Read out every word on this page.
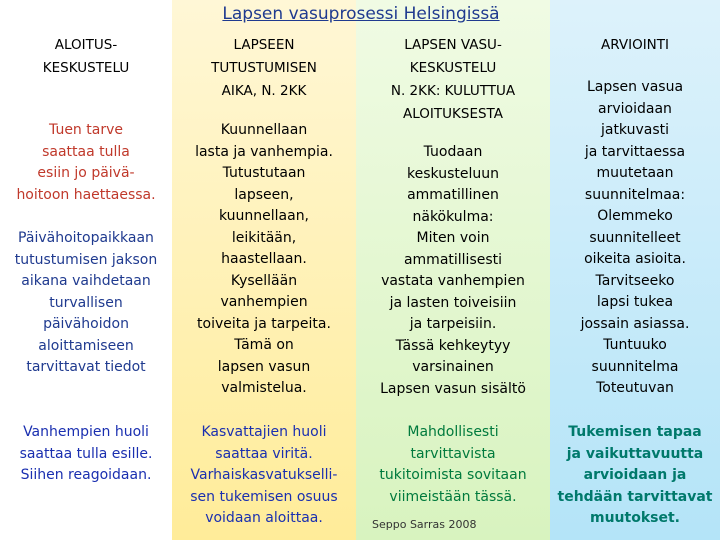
Lapsen vasuprosessi Helsingissä
ALOITUS-
KESKUSTELU
LAPSEEN
TUTUSTUMISEN
AIKA, N. 2KK
LAPSEN VASU-
KESKUSTELU
N. 2KK: KULUTTUA
ALOITUKSESTA
ARVIOINTI
Tuen tarve
saattaa tulla
esiin jo päivä-
hoitoon haettaessa.
Päivähoitopaikkaan
tutustumisen jakson
aikana vaihdetaan
turvallisen
päivähoidon
aloittamiseen
tarvittavat tiedot
Vanhempien huoli
saattaa tulla esille.
Siihen reagoidaan.
Kuunnellaan
lasta ja vanhempia.
Tutustutaan
lapseen,
kuunnellaan,
leikitään,
haastellaan.
Kysellään
vanhempien
toiveita ja tarpeita.
Tämä on
lapsen vasun
valmistelua.
Kasvattajien huoli
saattaa viritä.
Varhaiskasvatukselli-
sen tukemisen osuus
voidaan aloittaa.
Tuodaan
keskusteluun
ammatillinen
näkökulma:
Miten voin
ammatillisesti
vastata vanhempien
ja lasten toiveisiin
ja tarpeisiin.
Tässä kehkeytyy
varsinainen
Lapsen vasun sisältö
Mahdollisesti
tarvittavista
tukitoimista sovitaan
viimeistään tässä.
Lapsen vasua
arvioidaan
jatkuvasti
ja tarvittaessa
muutetaan
suunnitelmaa:
Olemmeko
suunnitelleet
oikeita asioita.
Tarvitseeko
lapsi tukea
jossain asiassa.
Tuntuuko
suunnitelma
Toteutuvan
Tukemisen tapaa
ja vaikuttavuutta
arvioidaan ja
tehdään tarvittavat
muutokset.
Seppo Sarras 2008
